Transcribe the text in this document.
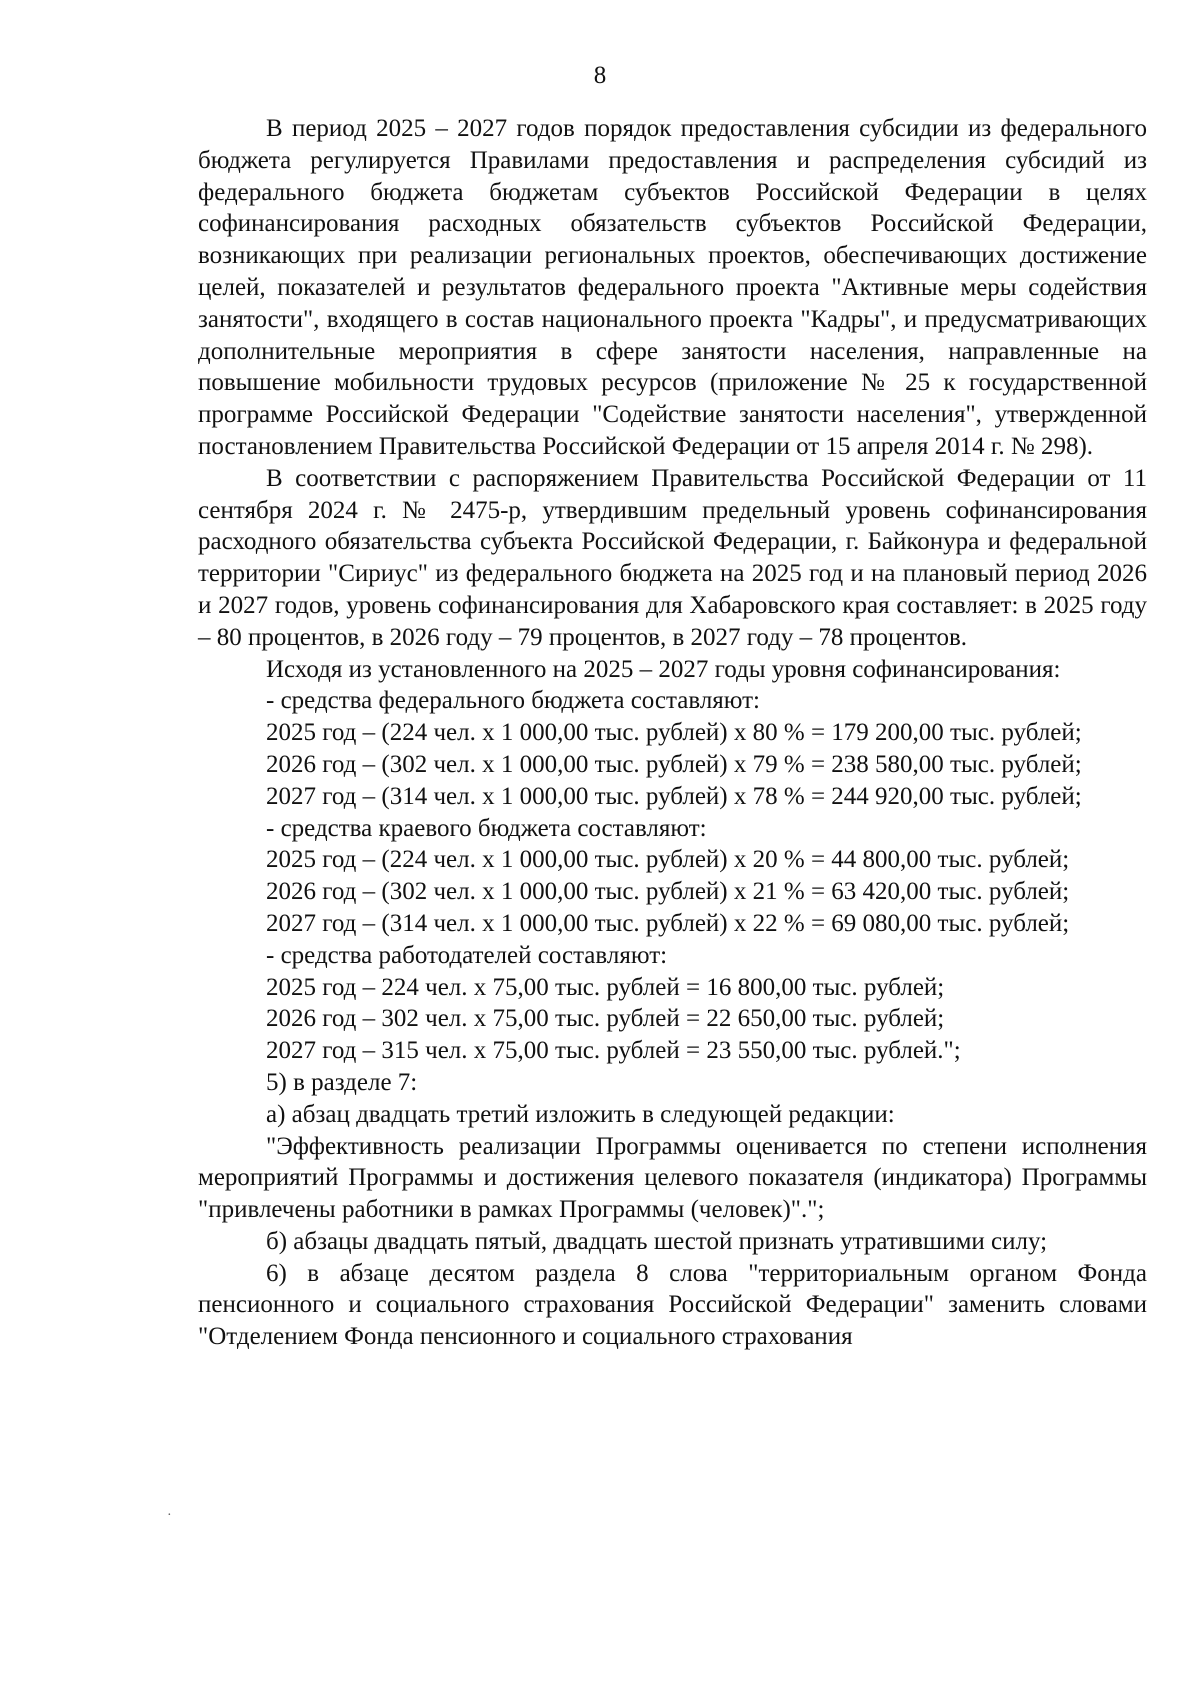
8

В период 2025 – 2027 годов порядок предоставления субсидии из федерального бюджета регулируется Правилами предоставления и распределения субсидий из федерального бюджета бюджетам субъектов Российской Федерации в целях софинансирования расходных обязательств субъектов Российской Федерации, возникающих при реализации региональных проектов, обеспечивающих достижение целей, показателей и результатов федерального проекта "Активные меры содействия занятости", входящего в состав национального проекта "Кадры", и предусматривающих дополнительные мероприятия в сфере занятости населения, направленные на повышение мобильности трудовых ресурсов (приложение № 25 к государственной программе Российской Федерации "Содействие занятости населения", утвержденной постановлением Правительства Российской Федерации от 15 апреля 2014 г. № 298).

В соответствии с распоряжением Правительства Российской Федерации от 11 сентября 2024 г. № 2475-р, утвердившим предельный уровень софинансирования расходного обязательства субъекта Российской Федерации, г. Байконура и федеральной территории "Сириус" из федерального бюджета на 2025 год и на плановый период 2026 и 2027 годов, уровень софинансирования для Хабаровского края составляет: в 2025 году – 80 процентов, в 2026 году – 79 процентов, в 2027 году – 78 процентов.

Исходя из установленного на 2025 – 2027 годы уровня софинансирования:

- средства федерального бюджета составляют:

2025 год – (224 чел. х 1 000,00 тыс. рублей) х 80 % = 179 200,00 тыс. рублей;

2026 год – (302 чел. х 1 000,00 тыс. рублей) х 79 % = 238 580,00 тыс. рублей;

2027 год – (314 чел. х 1 000,00 тыс. рублей) х 78 % = 244 920,00 тыс. рублей;

- средства краевого бюджета составляют:

2025 год – (224 чел. х 1 000,00 тыс. рублей) х 20 % = 44 800,00 тыс. рублей;

2026 год – (302 чел. х 1 000,00 тыс. рублей) х 21 % = 63 420,00 тыс. рублей;

2027 год – (314 чел. х 1 000,00 тыс. рублей) х 22 % = 69 080,00 тыс. рублей;

- средства работодателей составляют:

2025 год – 224 чел. х 75,00 тыс. рублей = 16 800,00 тыс. рублей;

2026 год – 302 чел. х 75,00 тыс. рублей = 22 650,00 тыс. рублей;

2027 год – 315 чел. х 75,00 тыс. рублей = 23 550,00 тыс. рублей.";

5) в разделе 7:

а) абзац двадцать третий изложить в следующей редакции:

"Эффективность реализации Программы оценивается по степени исполнения мероприятий Программы и достижения целевого показателя (индикатора) Программы "привлечены работники в рамках Программы (человек)".";

б) абзацы двадцать пятый, двадцать шестой признать утратившими силу;

6) в абзаце десятом раздела 8 слова "территориальным органом Фонда пенсионного и социального страхования Российской Федерации" заменить словами "Отделением Фонда пенсионного и социального страхования

·
